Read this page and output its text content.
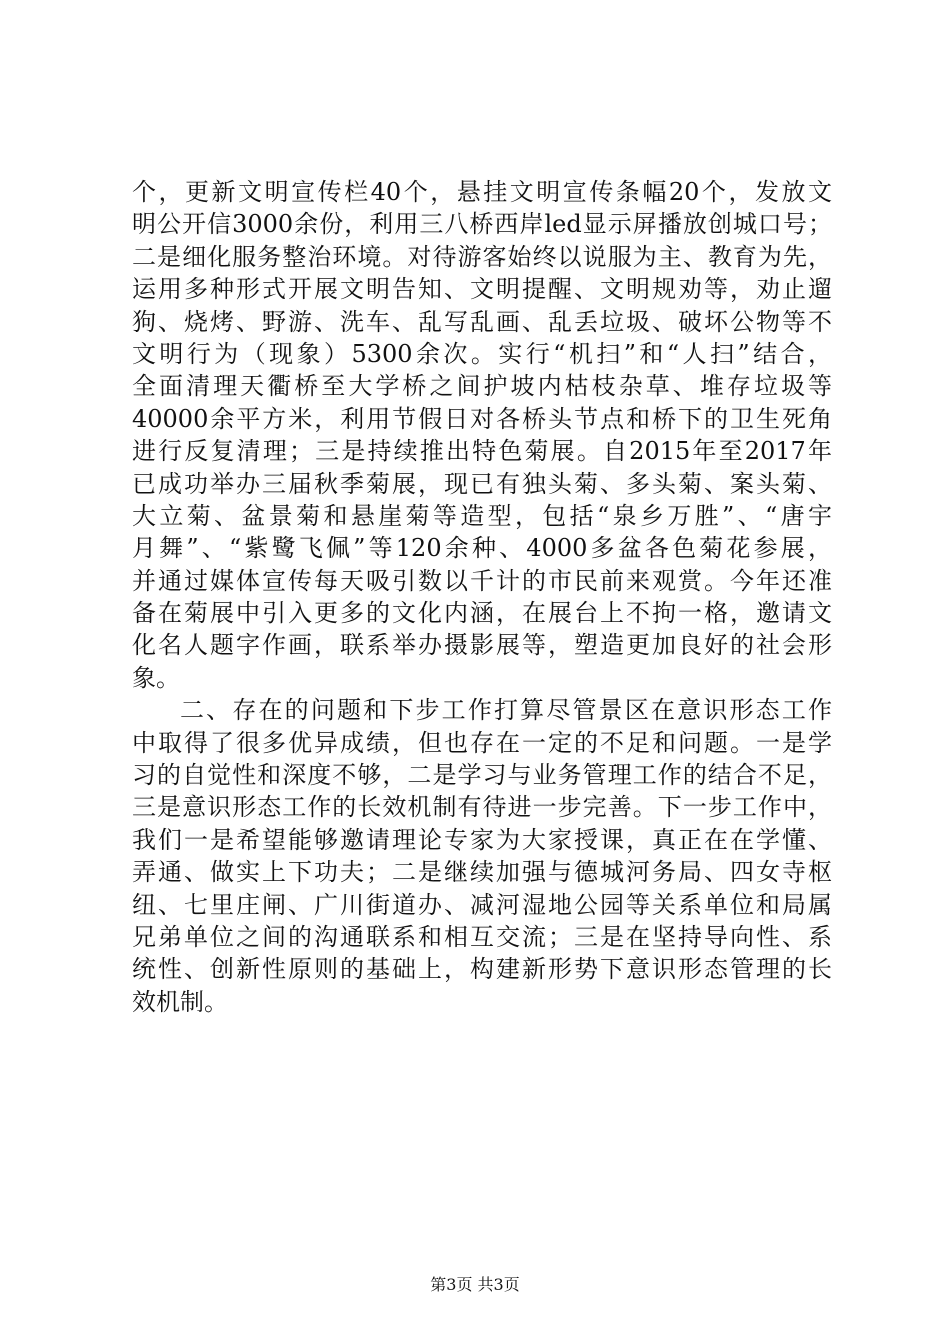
个，更新文明宣传栏40个，悬挂文明宣传条幅20个，发放文
明公开信3000余份，利用三八桥西岸led显示屏播放创城口号；
二是细化服务整治环境。对待游客始终以说服为主、教育为先，
运用多种形式开展文明告知、文明提醒、文明规劝等，劝止遛
狗、烧烤、野游、洗车、乱写乱画、乱丢垃圾、破坏公物等不
文明行为（现象）5300余次。实行“机扫”和“人扫”结合，
全面清理天衢桥至大学桥之间护坡内枯枝杂草、堆存垃圾等
40000余平方米，利用节假日对各桥头节点和桥下的卫生死角
进行反复清理；三是持续推出特色菊展。自2015年至2017年
已成功举办三届秋季菊展，现已有独头菊、多头菊、案头菊、
大立菊、盆景菊和悬崖菊等造型，包括“泉乡万胜”、“唐宇
月舞”、“紫鹭飞佩”等120余种、4000多盆各色菊花参展，
并通过媒体宣传每天吸引数以千计的市民前来观赏。今年还准
备在菊展中引入更多的文化内涵，在展台上不拘一格，邀请文
化名人题字作画，联系举办摄影展等，塑造更加良好的社会形
象。
二、存在的问题和下步工作打算尽管景区在意识形态工作
中取得了很多优异成绩，但也存在一定的不足和问题。一是学
习的自觉性和深度不够，二是学习与业务管理工作的结合不足，
三是意识形态工作的长效机制有待进一步完善。下一步工作中，
我们一是希望能够邀请理论专家为大家授课，真正在在学懂、
弄通、做实上下功夫；二是继续加强与德城河务局、四女寺枢
纽、七里庄闸、广川街道办、减河湿地公园等关系单位和局属
兄弟单位之间的沟通联系和相互交流；三是在坚持导向性、系
统性、创新性原则的基础上，构建新形势下意识形态管理的长
效机制。
第3页 共3页
